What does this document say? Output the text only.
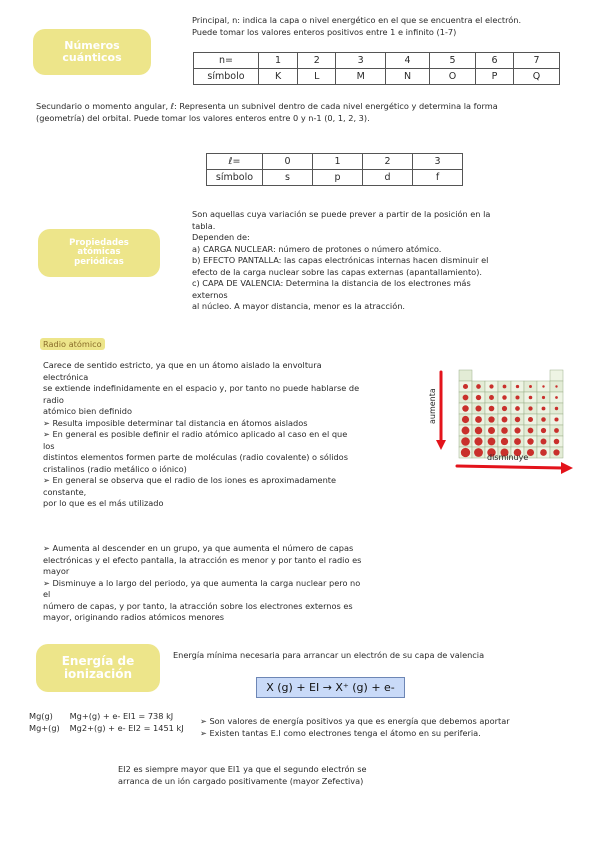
Números
cuánticos
Principal, n: indica la capa o nivel energético en el que se encuentra el electrón.
Puede tomar los valores enteros positivos entre 1 e infinito (1-7)
n=	1	2	3	4	5	6	7
símbolo	K	L	M	N	O	P	Q
Secundario o momento angular, ℓ: Representa un subnivel dentro de cada nivel energético y determina la forma
(geometría) del orbital. Puede tomar los valores enteros entre 0 y n-1 (0, 1, 2, 3).
ℓ=	0	1	2	3
símbolo	s	p	d	f
Propiedades
atómicas
periódicas
Son aquellas cuya variación se puede prever a partir de la posición en la
tabla.
Dependen de:
a) CARGA NUCLEAR: número de protones o número atómico.
b) EFECTO PANTALLA: las capas electrónicas internas hacen disminuir el
efecto de la carga nuclear sobre las capas externas (apantallamiento).
c) CAPA DE VALENCIA: Determina la distancia de los electrones más
externos
al núcleo. A mayor distancia, menor es la atracción.
Radio atómico
Carece de sentido estricto, ya que en un átomo aislado la envoltura
electrónica
se extiende indefinidamente en el espacio y, por tanto no puede hablarse de
radio
atómico bien definido
➢ Resulta imposible determinar tal distancia en átomos aislados
➢ En general es posible definir el radio atómico aplicado al caso en el que
los
distintos elementos formen parte de moléculas (radio covalente) o sólidos
cristalinos (radio metálico o iónico)
➢ En general se observa que el radio de los iones es aproximadamente
constante,
por lo que es el más utilizado
➢ Aumenta al descender en un grupo, ya que aumenta el número de capas
electrónicas y el efecto pantalla, la atracción es menor y por tanto el radio es
mayor
➢ Disminuye a lo largo del periodo, ya que aumenta la carga nuclear pero no
el
número de capas, y por tanto, la atracción sobre los electrones externos es
mayor, originando radios atómicos menores
aumenta
disminuye
Energía de
ionización
Energía mínima necesaria para arrancar un electrón de su capa de valencia
X (g) + EI → X⁺ (g) + e-
Mg(g) Mg+(g) + e- EI1 = 738 kJ
Mg+(g) Mg2+(g) + e- EI2 = 1451 kJ
➢ Son valores de energía positivos ya que es energía que debemos aportar
➢ Existen tantas E.I como electrones tenga el átomo en su periferia.
EI2 es siempre mayor que EI1 ya que el segundo electrón se
arranca de un ión cargado positivamente (mayor Zefectiva)
